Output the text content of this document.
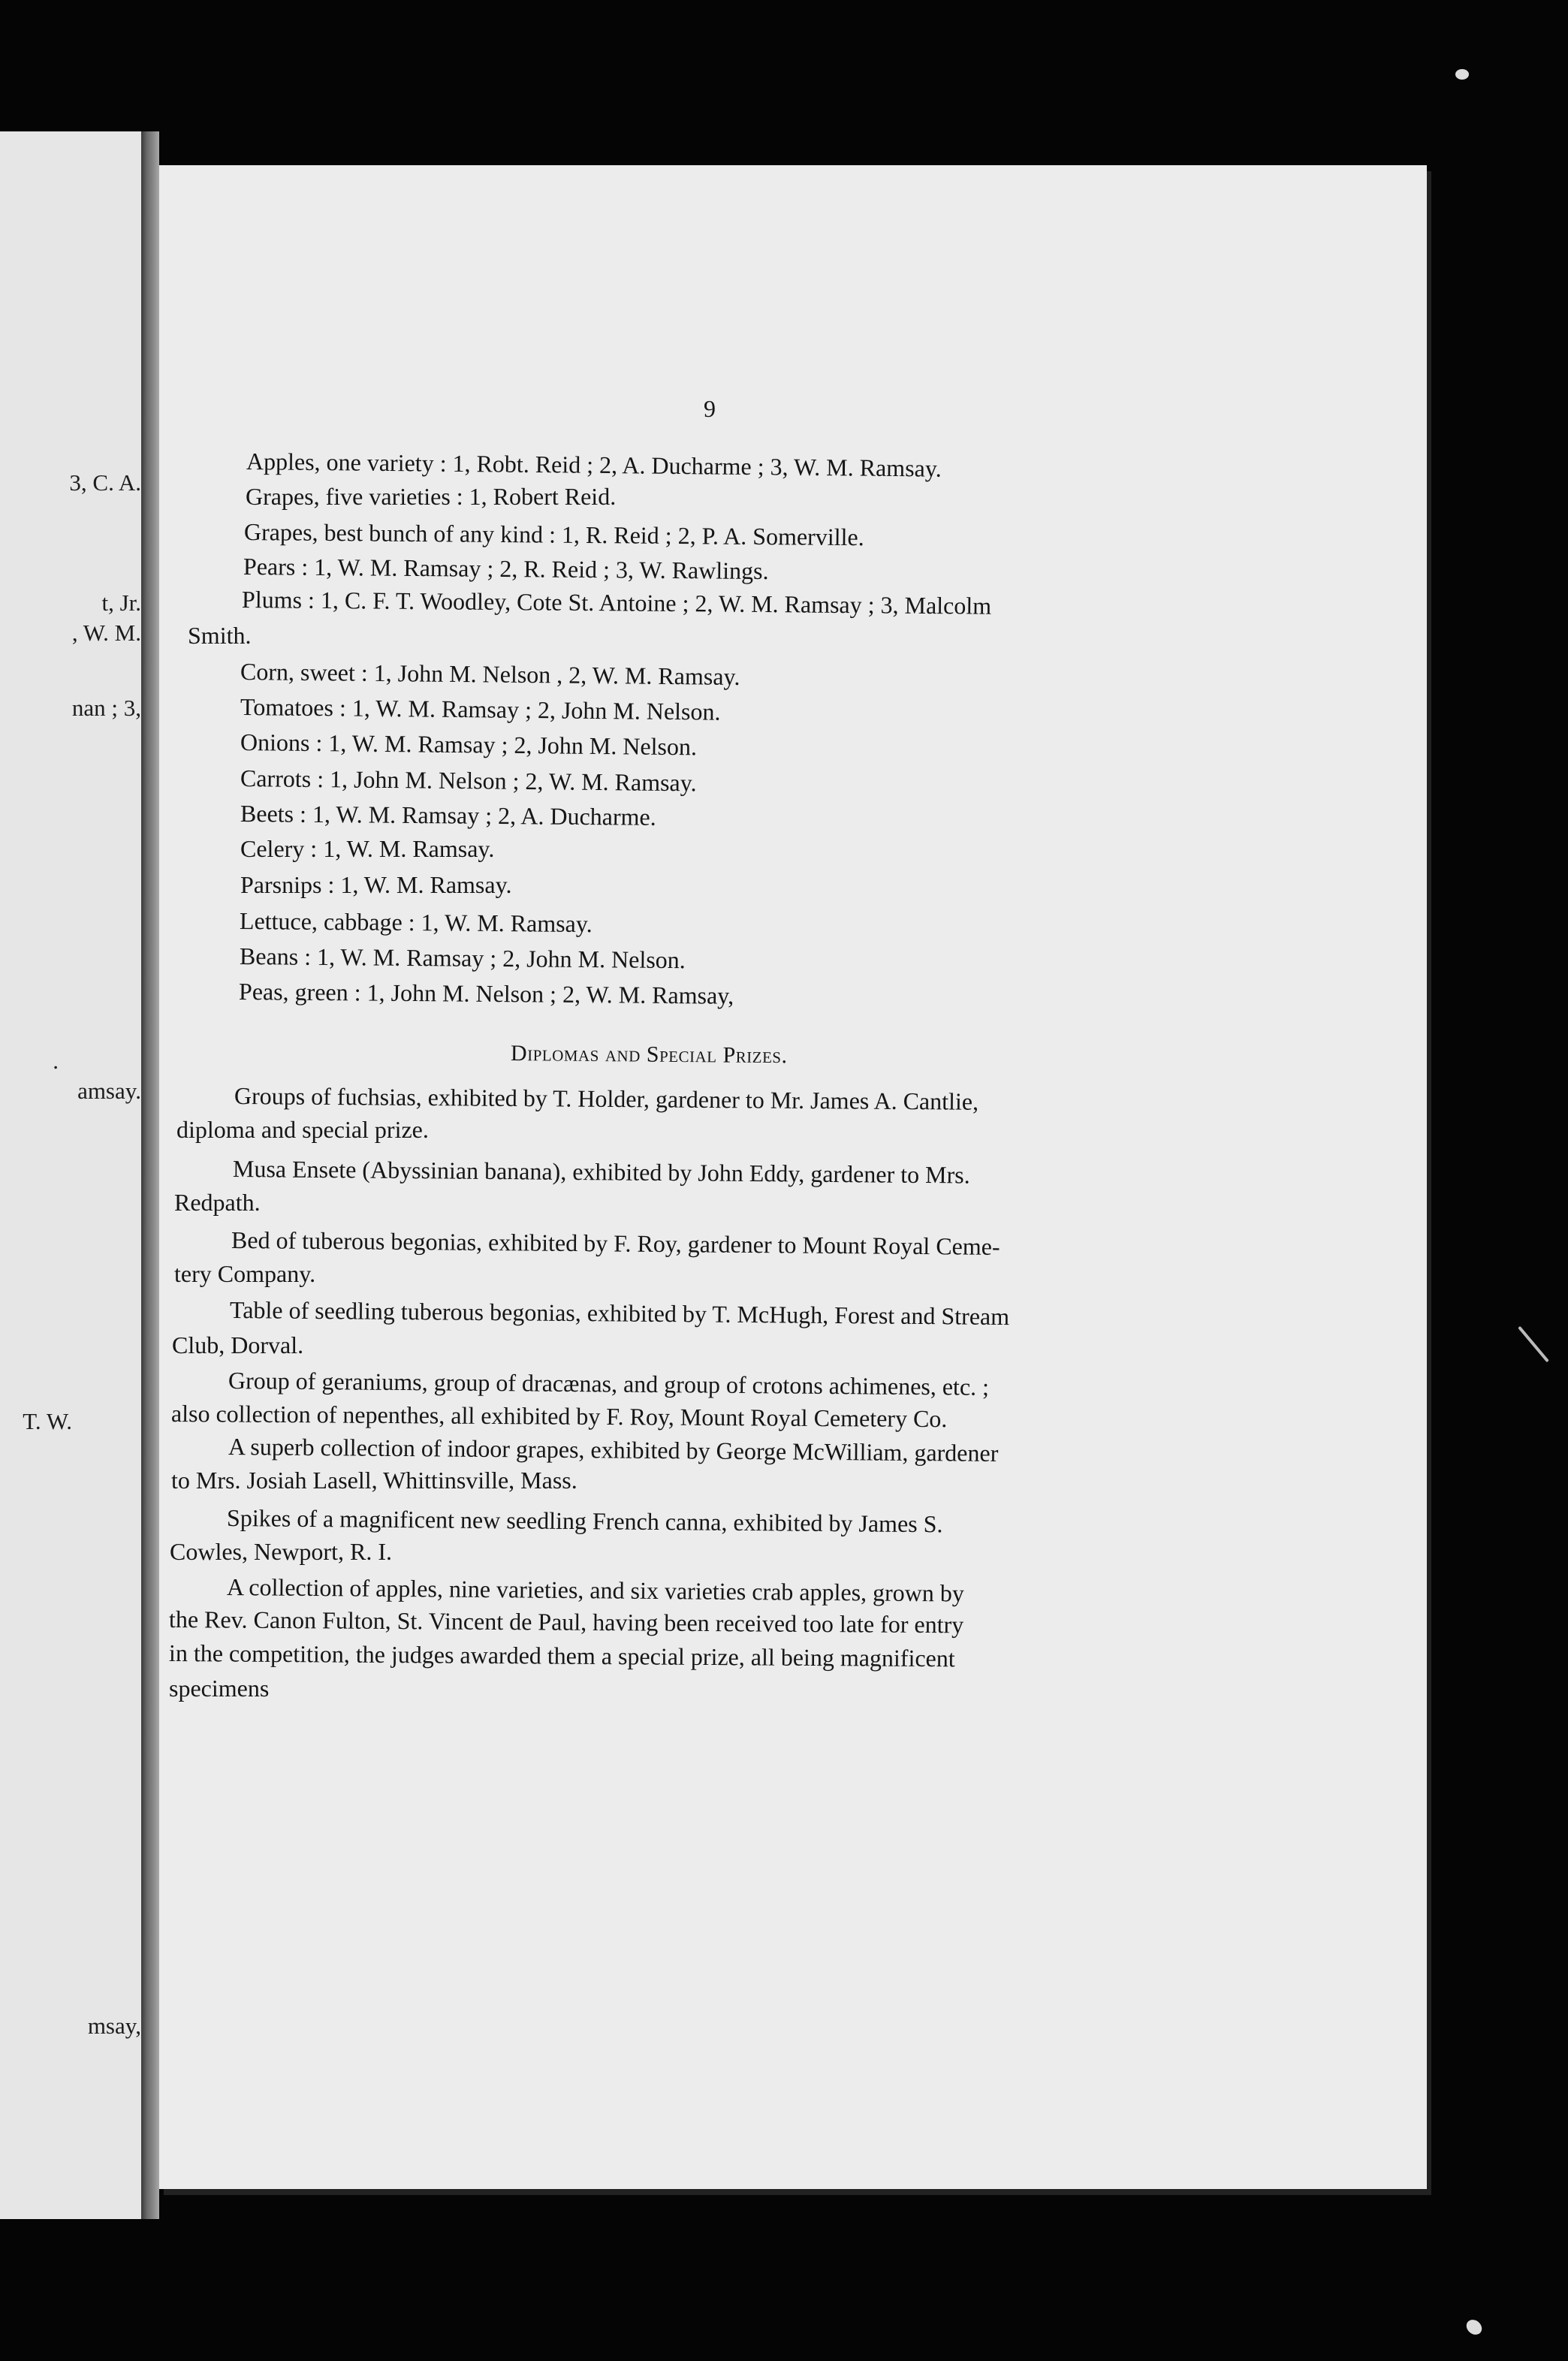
3, C. A.
t, Jr.
, W. M.
nan ; 3,
.
amsay.
T. W.
msay,
9
Apples, one variety : 1, Robt. Reid ; 2, A. Ducharme ; 3, W. M. Ramsay.
Grapes, five varieties : 1, Robert Reid.
Grapes, best bunch of any kind : 1, R. Reid ; 2, P. A. Somerville.
Pears : 1, W. M. Ramsay ; 2, R. Reid ; 3, W. Rawlings.
Plums : 1, C. F. T. Woodley, Cote St. Antoine ; 2, W. M. Ramsay ; 3, Malcolm
Smith.
Corn, sweet : 1, John M. Nelson , 2, W. M. Ramsay.
Tomatoes : 1, W. M. Ramsay ; 2, John M. Nelson.
Onions : 1, W. M. Ramsay ; 2, John M. Nelson.
Carrots : 1, John M. Nelson ; 2, W. M. Ramsay.
Beets : 1, W. M. Ramsay ; 2, A. Ducharme.
Celery : 1, W. M. Ramsay.
Parsnips : 1, W. M. Ramsay.
Lettuce, cabbage : 1, W. M. Ramsay.
Beans : 1, W. M. Ramsay ; 2, John M. Nelson.
Peas, green : 1, John M. Nelson ; 2, W. M. Ramsay,
Diplomas and Special Prizes.
Groups of fuchsias, exhibited by T. Holder, gardener to Mr. James A. Cantlie,
diploma and special prize.
Musa Ensete (Abyssinian banana), exhibited by John Eddy, gardener to Mrs.
Redpath.
Bed of tuberous begonias, exhibited by F. Roy, gardener to Mount Royal Ceme-
tery Company.
Table of seedling tuberous begonias, exhibited by T. McHugh, Forest and Stream
Club, Dorval.
Group of geraniums, group of dracænas, and group of crotons achimenes, etc. ;
also collection of nepenthes, all exhibited by F. Roy, Mount Royal Cemetery Co.
A superb collection of indoor grapes, exhibited by George McWilliam, gardener
to Mrs. Josiah Lasell, Whittinsville, Mass.
Spikes of a magnificent new seedling French canna, exhibited by James S.
Cowles, Newport, R. I.
A collection of apples, nine varieties, and six varieties crab apples, grown by
the Rev. Canon Fulton, St. Vincent de Paul, having been received too late for entry
in the competition, the judges awarded them a special prize, all being magnificent
specimens
